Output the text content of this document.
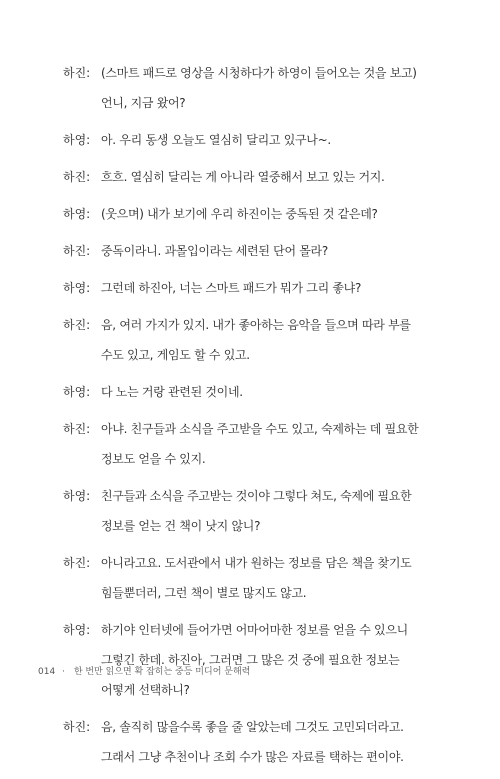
하진: (스마트 패드로 영상을 시청하다가 하영이 들어오는 것을 보고) 언니, 지금 왔어?
하영: 아. 우리 동생 오늘도 열심히 달리고 있구나~.
하진: 흐흐. 열심히 달리는 게 아니라 열중해서 보고 있는 거지.
하영: (웃으며) 내가 보기에 우리 하진이는 중독된 것 같은데?
하진: 중독이라니. 과몰입이라는 세련된 단어 몰라?
하영: 그런데 하진아, 너는 스마트 패드가 뭐가 그리 좋냐?
하진: 음, 여러 가지가 있지. 내가 좋아하는 음악을 들으며 따라 부를 수도 있고, 게임도 할 수 있고.
하영: 다 노는 거랑 관련된 것이네.
하진: 아냐. 친구들과 소식을 주고받을 수도 있고, 숙제하는 데 필요한 정보도 얻을 수 있지.
하영: 친구들과 소식을 주고받는 것이야 그렇다 쳐도, 숙제에 필요한 정보를 얻는 건 책이 낫지 않니?
하진: 아니라고요. 도서관에서 내가 원하는 정보를 담은 책을 찾기도 힘들뿐더러, 그런 책이 별로 많지도 않고.
하영: 하기야 인터넷에 들어가면 어마어마한 정보를 얻을 수 있으니 그렇긴 한데. 하진아, 그러면 그 많은 것 중에 필요한 정보는 어떻게 선택하니?
하진: 음, 솔직히 많을수록 좋을 줄 알았는데 그것도 고민되더라고. 그래서 그냥 추천이나 조회 수가 많은 자료를 택하는 편이야.
014 · 한 번만 읽으면 확 잡히는 중등 미디어 문해력
